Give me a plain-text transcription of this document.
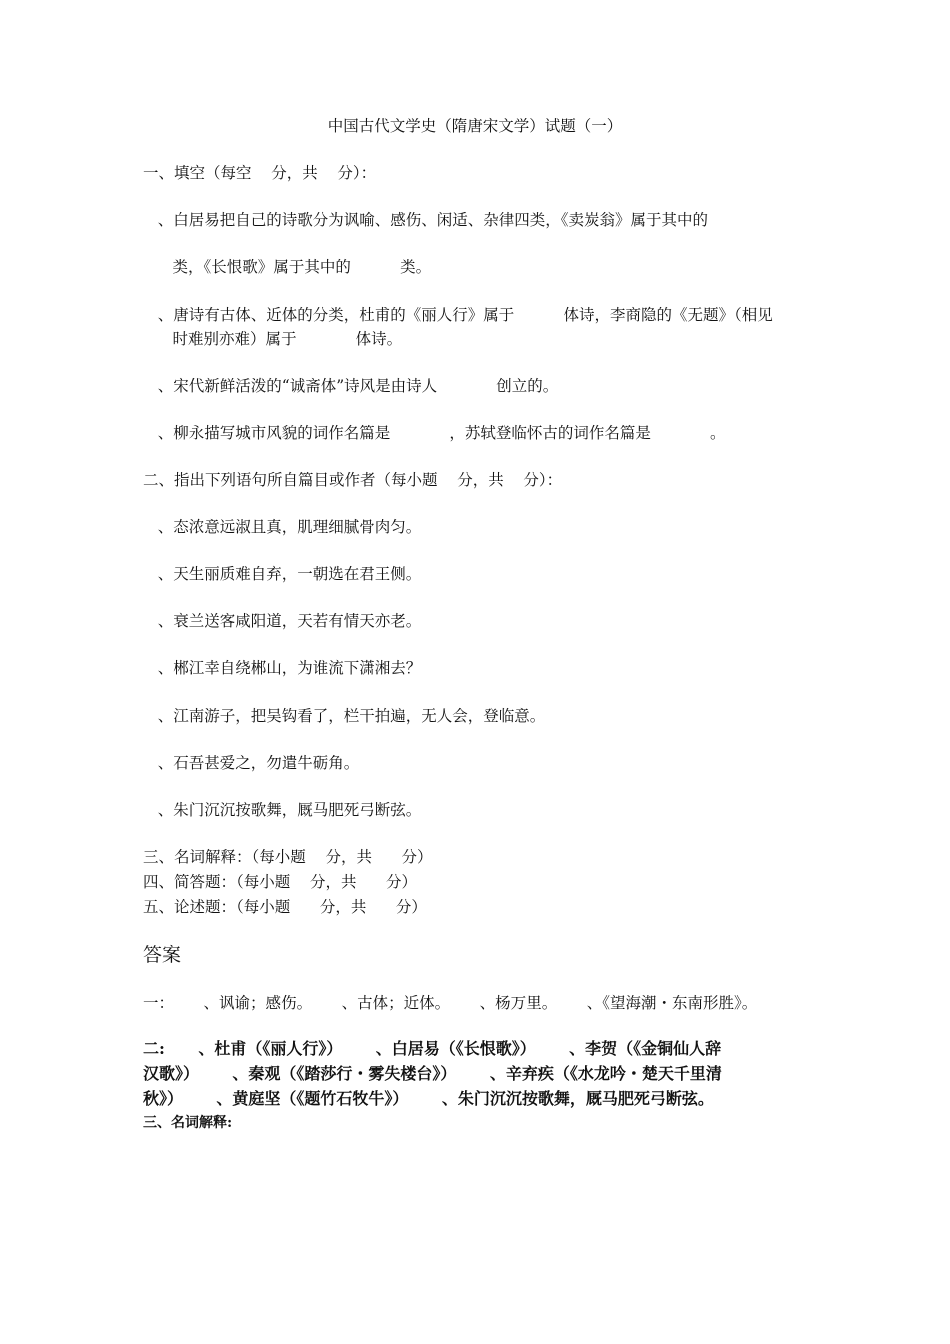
中国古代文学史（隋唐宋文学）试题（一）
一、填空（每空    分，共    分）：
、白居易把自己的诗歌分为讽喻、感伤、闲适、杂律四类，《卖炭翁》属于其中的
类，《长恨歌》属于其中的          类。
、唐诗有古体、近体的分类，杜甫的《丽人行》属于          体诗，李商隐的《无题》（相见
时难别亦难）属于            体诗。
、宋代新鲜活泼的“诚斋体”诗风是由诗人            创立的。
、柳永描写城市风貌的词作名篇是            ，苏轼登临怀古的词作名篇是            。
二、指出下列语句所自篇目或作者（每小题    分，共    分）：
、态浓意远淑且真，肌理细腻骨肉匀。
、天生丽质难自弃，一朝选在君王侧。
、衰兰送客咸阳道，天若有情天亦老。
、郴江幸自绕郴山，为谁流下潇湘去？
、江南游子，把吴钩看了，栏干拍遍，无人会，登临意。
、石吾甚爱之，勿遣牛砺角。
、朱门沉沉按歌舞，厩马肥死弓断弦。
三、名词解释：（每小题    分，共      分）
四、简答题：（每小题    分，共      分）
五、论述题：（每小题      分，共      分）
答案
一：      、讽谕；感伤。      、古体；近体。      、杨万里。      、《望海潮・东南形胜》。
二:      、杜甫（《丽人行》）      、白居易（《长恨歌》）      、李贺（《金铜仙人辞
汉歌》）      、秦观（《踏莎行・雾失楼台》）      、辛弃疾（《水龙吟・楚天千里清
秋》）      、黄庭坚（《题竹石牧牛》）      、朱门沉沉按歌舞，厩马肥死弓断弦。
三、名词解释:
